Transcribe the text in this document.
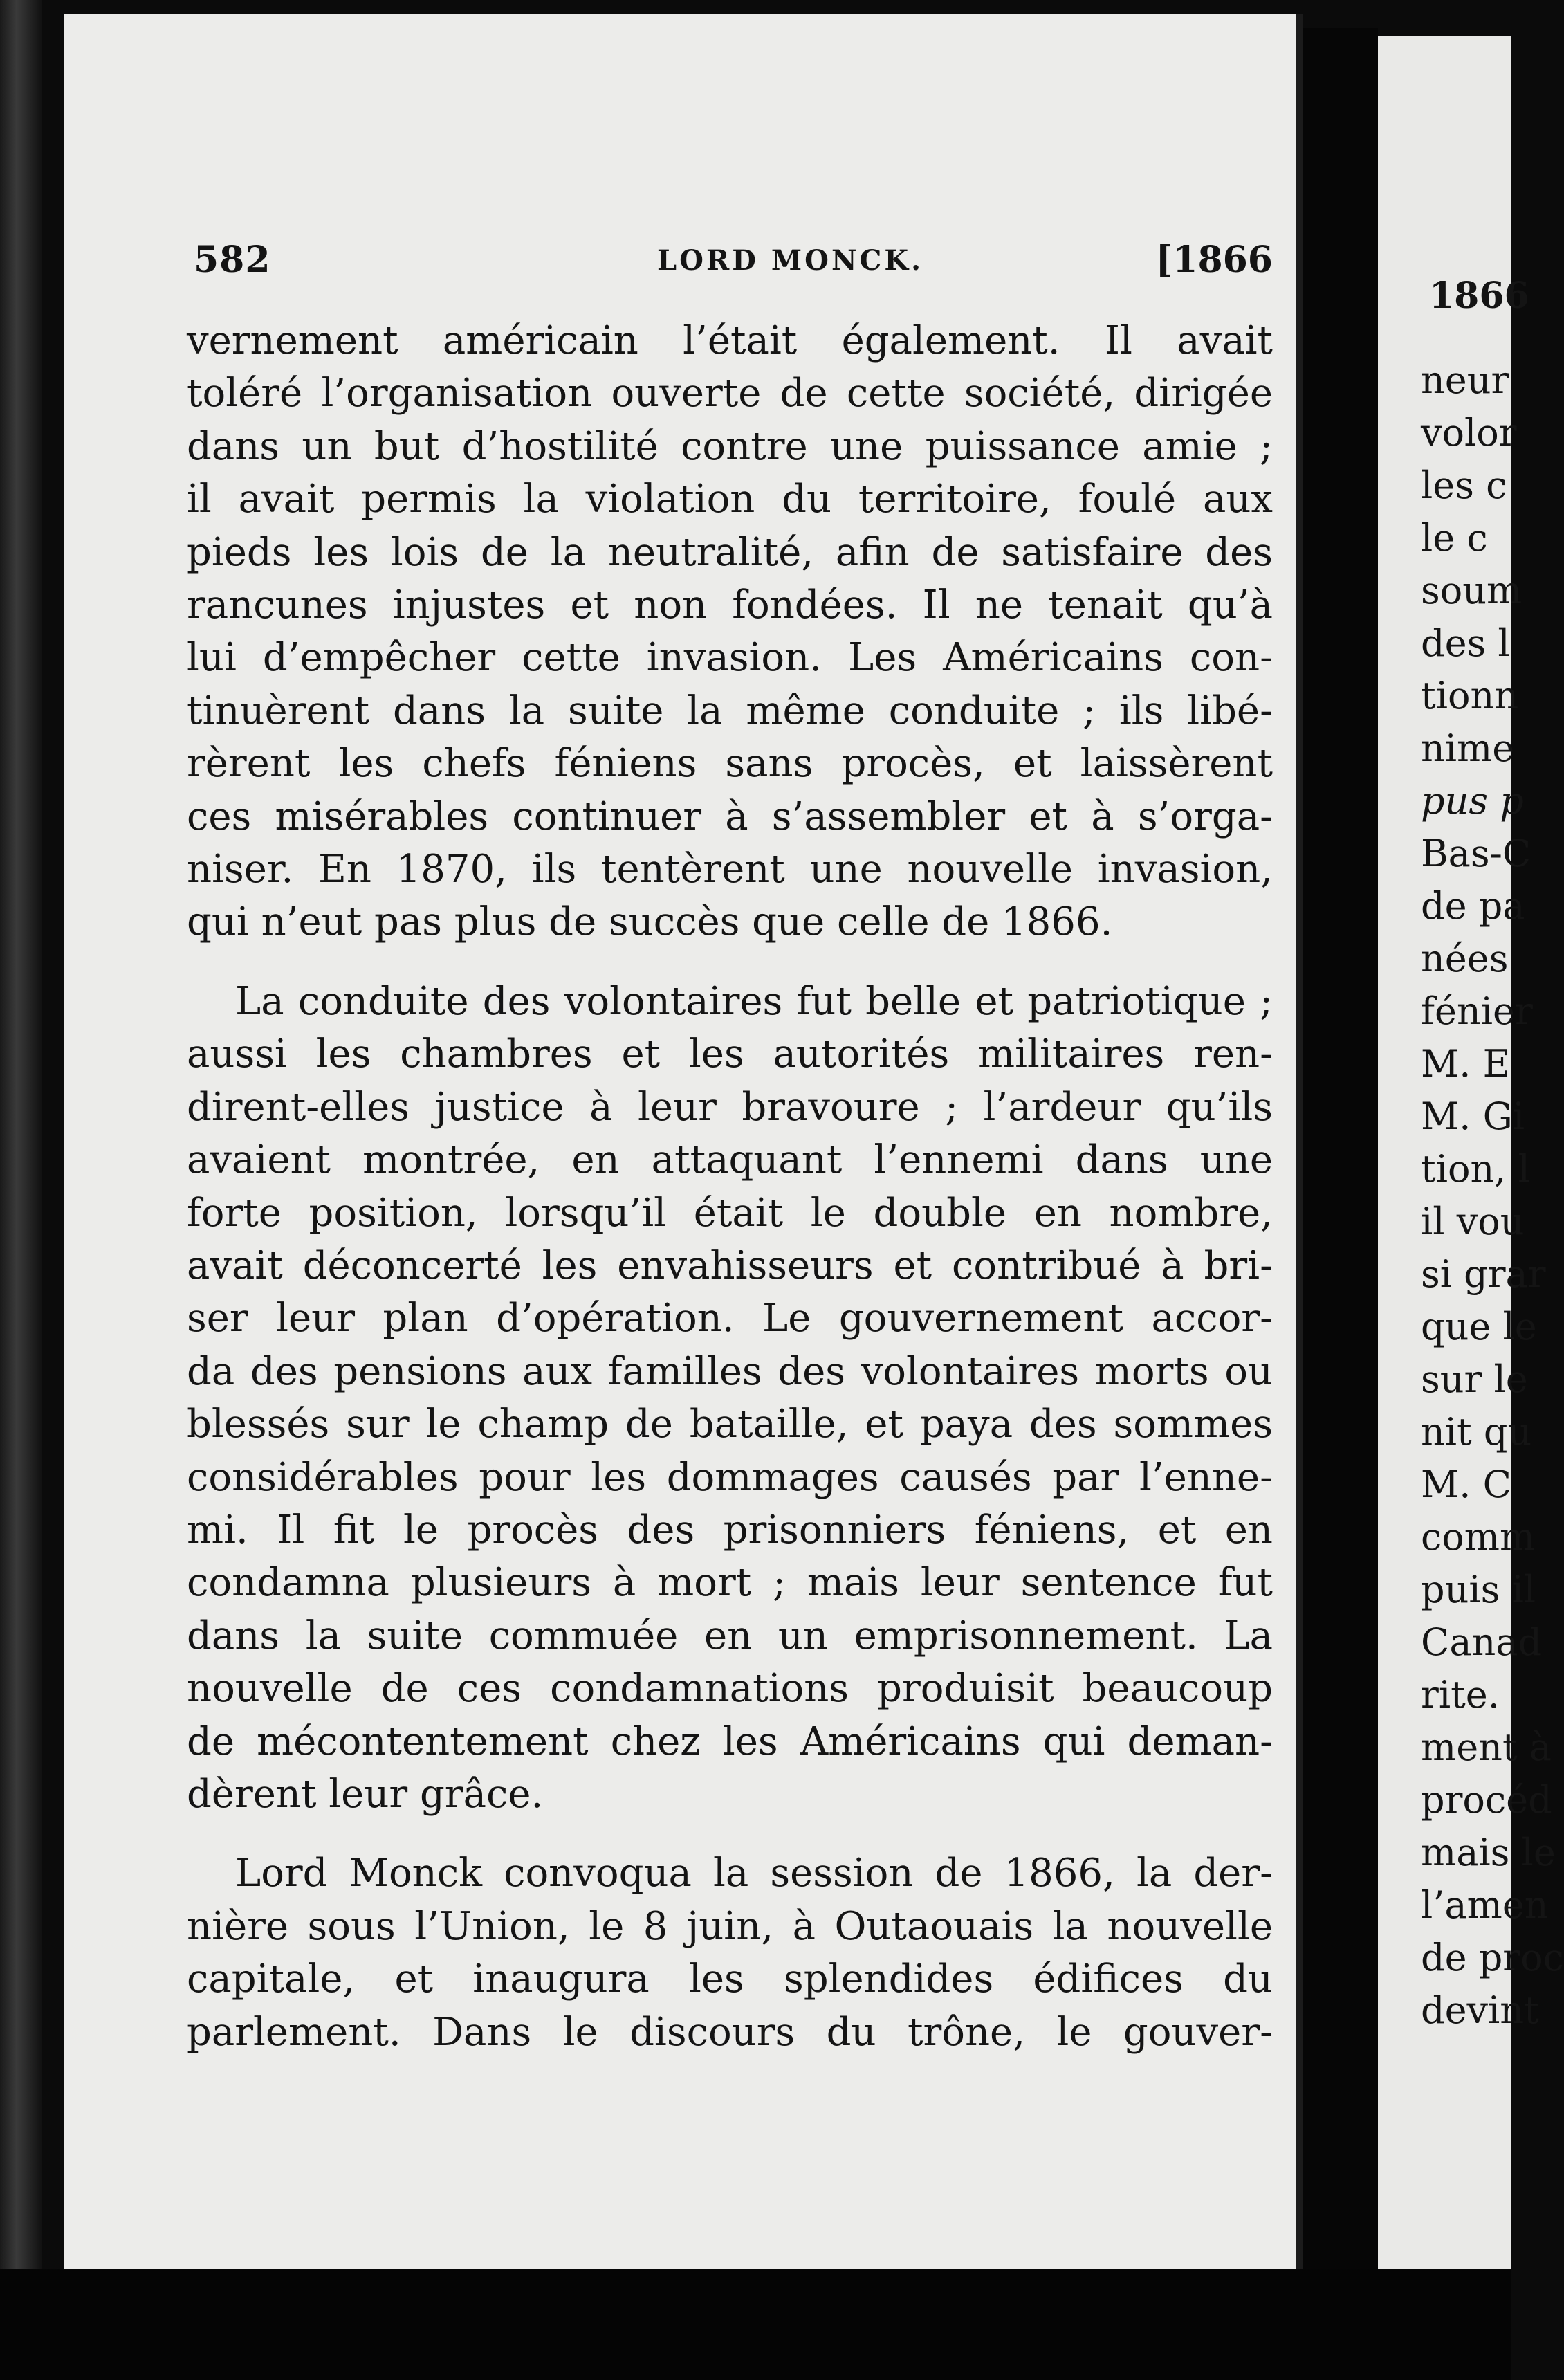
582	LORD MONCK.	[1866
vernement américain l’était également. Il avait
toléré l’organisation ouverte de cette société, dirigée
dans un but d’hostilité contre une puissance amie ;
il avait permis la violation du territoire, foulé aux
pieds les lois de la neutralité, afin de satisfaire des
rancunes injustes et non fondées. Il ne tenait qu’à
lui d’empêcher cette invasion. Les Américains con-
tinuèrent dans la suite la même conduite ; ils libé-
rèrent les chefs féniens sans procès, et laissèrent
ces misérables continuer à s’assembler et à s’orga-
niser. En 1870, ils tentèrent une nouvelle invasion,
qui n’eut pas plus de succès que celle de 1866.
La conduite des volontaires fut belle et patriotique ;
aussi les chambres et les autorités militaires ren-
dirent-elles justice à leur bravoure ; l’ardeur qu’ils
avaient montrée, en attaquant l’ennemi dans une
forte position, lorsqu’il était le double en nombre,
avait déconcerté les envahisseurs et contribué à bri-
ser leur plan d’opération. Le gouvernement accor-
da des pensions aux familles des volontaires morts ou
blessés sur le champ de bataille, et paya des sommes
considérables pour les dommages causés par l’enne-
mi. Il fit le procès des prisonniers féniens, et en
condamna plusieurs à mort ; mais leur sentence fut
dans la suite commuée en un emprisonnement. La
nouvelle de ces condamnations produisit beaucoup
de mécontentement chez les Américains qui deman-
dèrent leur grâce.
Lord Monck convoqua la session de 1866, la der-
nière sous l’Union, le 8 juin, à Outaouais la nouvelle
capitale, et inaugura les splendides édifices du
parlement. Dans le discours du trône, le gouver-
1866
neur
volor
les c
le c
soum
des l
tionn
nime
pus p
Bas-C
de pa
nées
fénier
M. E
M. Gi
tion, l
il vou
si grar
que le
sur le
nit qu
M. C
comm
puis il
Canad
rite.
ment à
procéd
mais le
l’amen
de proc
devint
